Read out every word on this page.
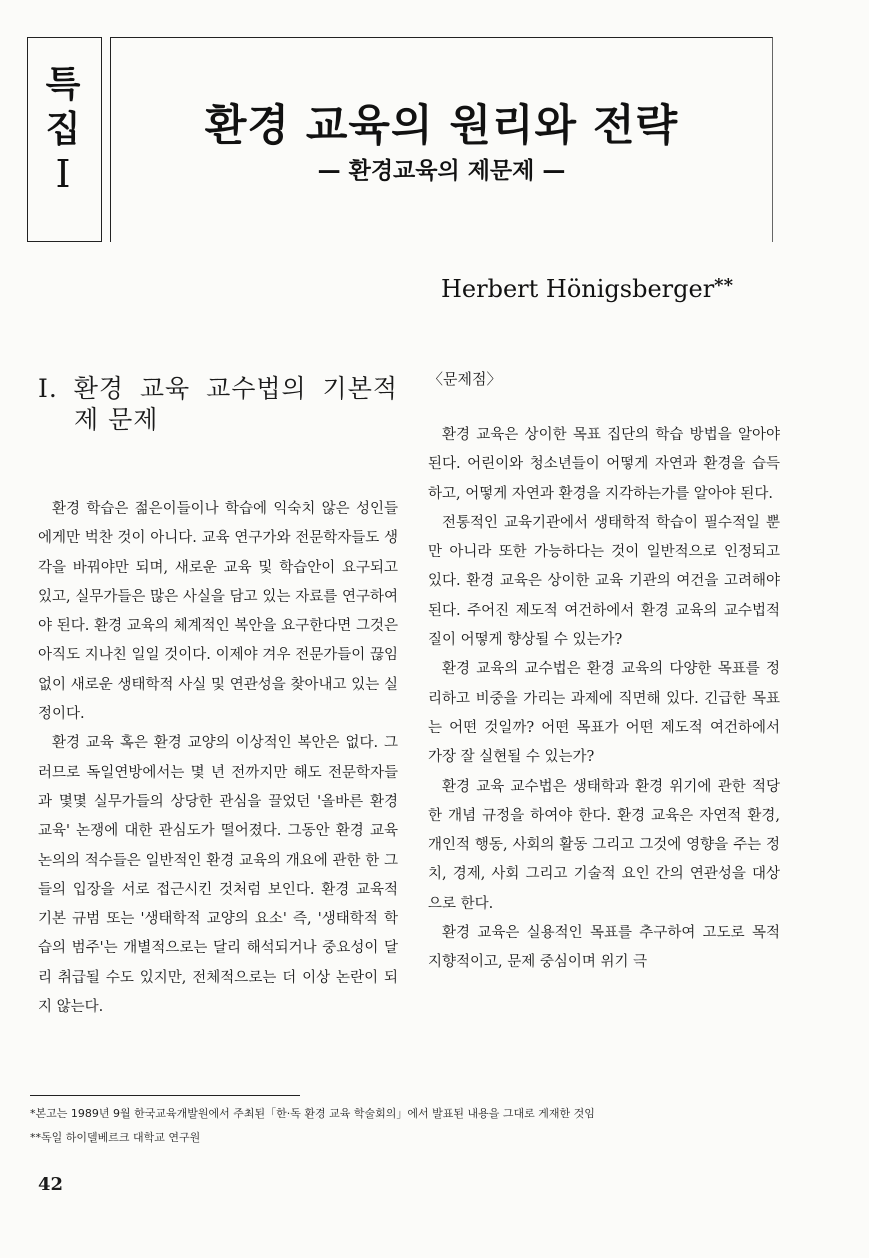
특
집
I
환경 교육의 원리와 전략
— 환경교육의 제문제 —
Herbert Hönigsberger**
I. 환경 교육 교수법의 기본적 제 문제

환경 학습은 젊은이들이나 학습에 익숙치 않은 성인들에게만 벅찬 것이 아니다. 교육 연구가와 전문학자들도 생각을 바꿔야만 되며, 새로운 교육 및 학습안이 요구되고 있고, 실무가들은 많은 사실을 담고 있는 자료를 연구하여야 된다. 환경 교육의 체계적인 복안을 요구한다면 그것은 아직도 지나친 일일 것이다. 이제야 겨우 전문가들이 끊임없이 새로운 생태학적 사실 및 연관성을 찾아내고 있는 실정이다.

환경 교육 혹은 환경 교양의 이상적인 복안은 없다. 그러므로 독일연방에서는 몇 년 전까지만 해도 전문학자들과 몇몇 실무가들의 상당한 관심을 끌었던 '올바른 환경 교육' 논쟁에 대한 관심도가 떨어졌다. 그동안 환경 교육 논의의 적수들은 일반적인 환경 교육의 개요에 관한 한 그들의 입장을 서로 접근시킨 것처럼 보인다. 환경 교육적 기본 규범 또는 '생태학적 교양의 요소' 즉, '생태학적 학습의 범주'는 개별적으로는 달리 해석되거나 중요성이 달리 취급될 수도 있지만, 전체적으로는 더 이상 논란이 되지 않는다.

〈문제점〉

환경 교육은 상이한 목표 집단의 학습 방법을 알아야 된다. 어린이와 청소년들이 어떻게 자연과 환경을 습득하고, 어떻게 자연과 환경을 지각하는가를 알아야 된다.

전통적인 교육기관에서 생태학적 학습이 필수적일 뿐만 아니라 또한 가능하다는 것이 일반적으로 인정되고 있다. 환경 교육은 상이한 교육 기관의 여건을 고려해야 된다. 주어진 제도적 여건하에서 환경 교육의 교수법적 질이 어떻게 향상될 수 있는가?

환경 교육의 교수법은 환경 교육의 다양한 목표를 정리하고 비중을 가리는 과제에 직면해 있다. 긴급한 목표는 어떤 것일까? 어떤 목표가 어떤 제도적 여건하에서 가장 잘 실현될 수 있는가?

환경 교육 교수법은 생태학과 환경 위기에 관한 적당한 개념 규정을 하여야 한다. 환경 교육은 자연적 환경, 개인적 행동, 사회의 활동 그리고 그것에 영향을 주는 정치, 경제, 사회 그리고 기술적 요인 간의 연관성을 대상으로 한다.

환경 교육은 실용적인 목표를 추구하여 고도로 목적 지향적이고, 문제 중심이며 위기 극

*본고는 1989년 9월 한국교육개발원에서 주최된「한·독 환경 교육 학술회의」에서 발표된 내용을 그대로 게재한 것임
**독일 하이델베르크 대학교 연구원
42
